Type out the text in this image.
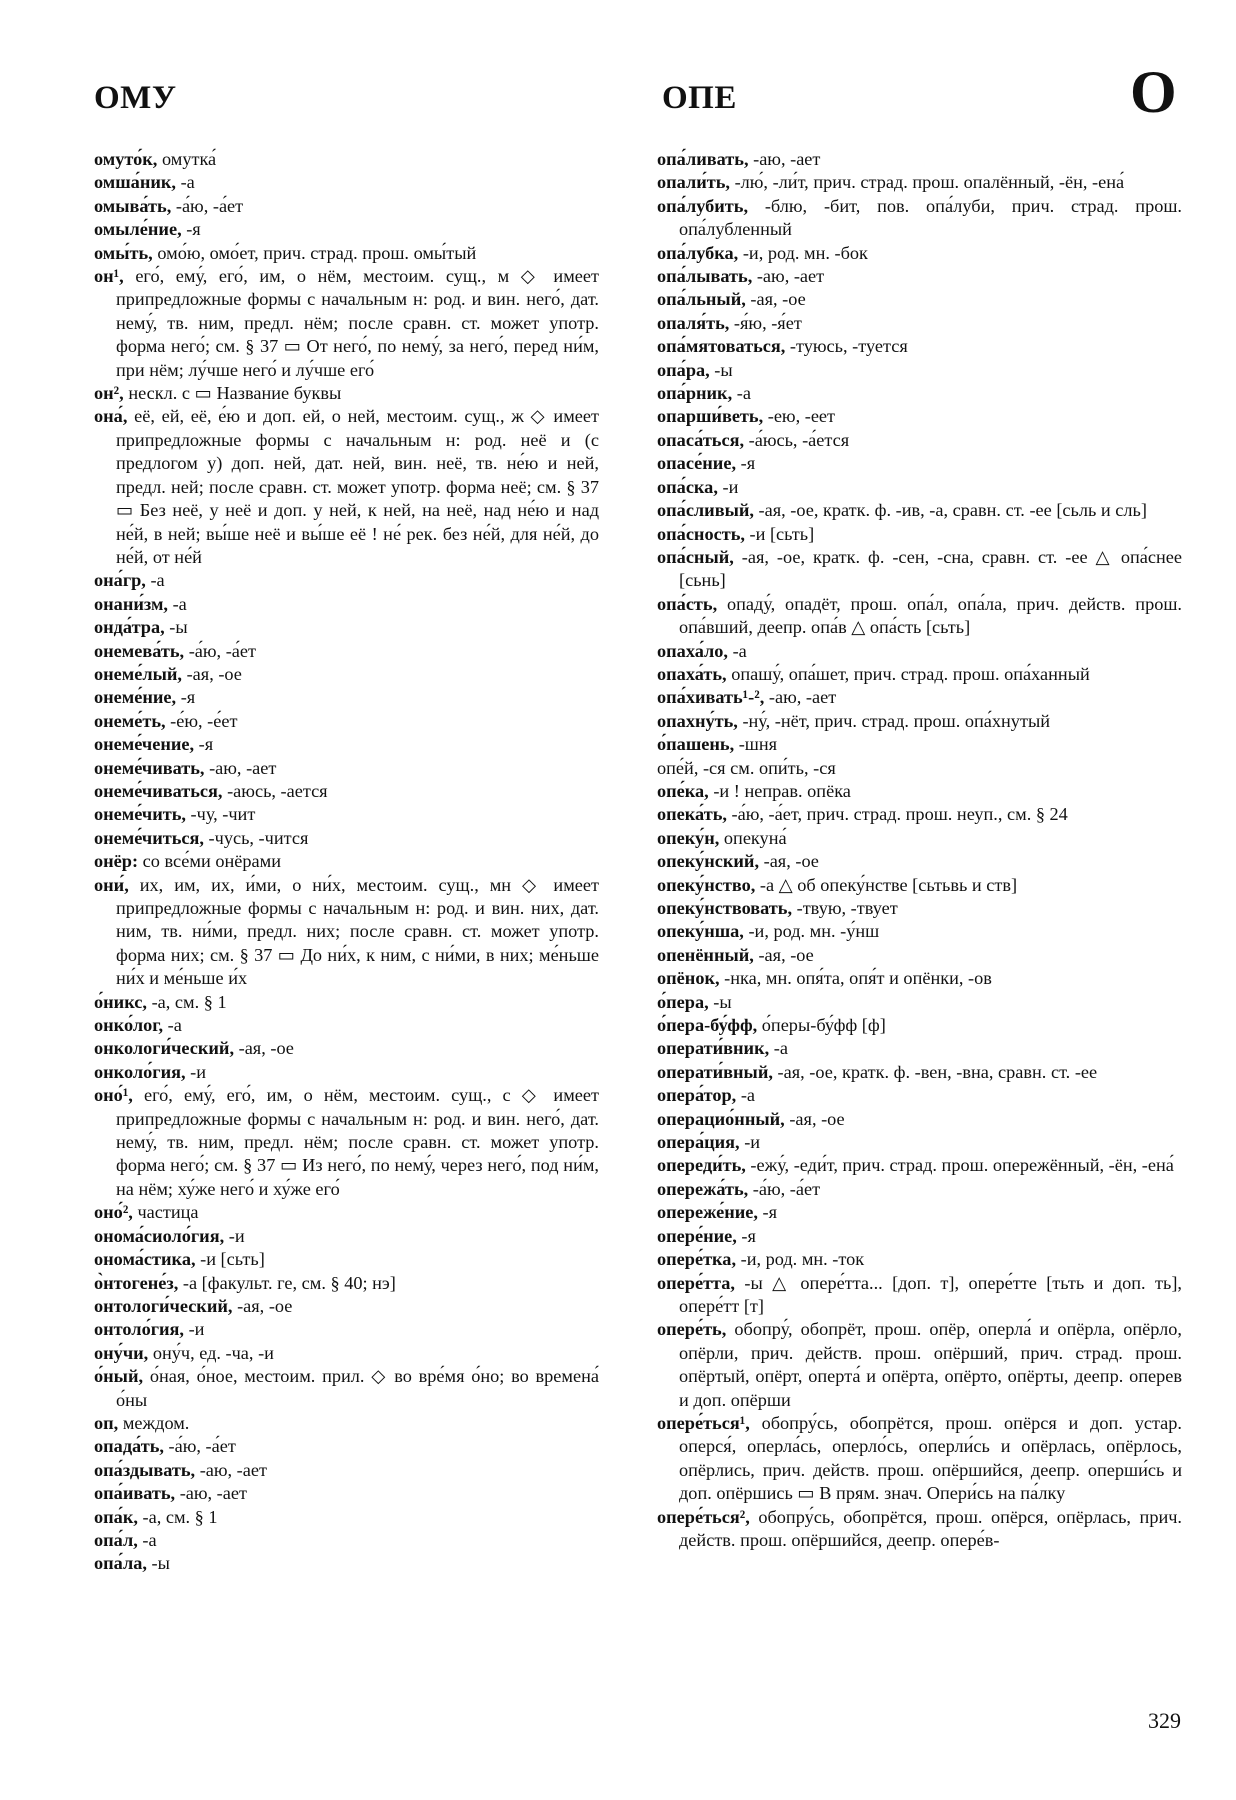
ОМУ	ОПЕ	О

омуто́к, омутка́

омша́ник, -а

омыва́ть, -а́ю, -а́ет

омыле́ние, -я

омы́ть, омо́ю, омо́ет, прич. страд. прош. омы́тый

он¹, его́, ему́, его́, им, о нём, местоим. сущ., м ◇ имеет припредложные формы с начальным н: род. и вин. него́, дат. нему́, тв. ним, предл. нём; после сравн. ст. может употр. форма него́; см. § 37 ▭ От него́, по нему́, за него́, перед ни́м, при нём; лу́чше него́ и лу́чше его́

он², нескл. с ▭ Название буквы

она́, её, ей, её, е́ю и доп. ей, о ней, местоим. сущ., ж ◇ имеет припредложные формы с начальным н: род. неё и (с предлогом у) доп. ней, дат. ней, вин. неё, тв. не́ю и ней, предл. ней; после сравн. ст. может употр. форма неё; см. § 37 ▭ Без неё, у неё и доп. у ней, к ней, на неё, над не́ю и над не́й, в ней; вы́ше неё и вы́ше её ! не́ рек. без не́й, для не́й, до не́й, от не́й

она́гр, -а

онани́зм, -а

онда́тра, -ы

онемева́ть, -а́ю, -а́ет

онеме́лый, -ая, -ое

онеме́ние, -я

онеме́ть, -е́ю, -е́ет

онеме́чение, -я

онеме́чивать, -аю, -ает

онеме́чиваться, -аюсь, -ается

онеме́чить, -чу, -чит

онеме́читься, -чусь, -чится

онёр: со все́ми онёрами

они́, их, им, их, и́ми, о ни́х, местоим. сущ., мн ◇ имеет припредложные формы с начальным н: род. и вин. них, дат. ним, тв. ни́ми, предл. них; после сравн. ст. может употр. форма них; см. § 37 ▭ До ни́х, к ним, с ни́ми, в них; ме́ньше ни́х и ме́ньше и́х

о́никс, -а, см. § 1

онко́лог, -а

онкологи́ческий, -ая, -ое

онколо́гия, -и

оно́¹, его́, ему́, его́, им, о нём, местоим. сущ., с ◇ имеет припредложные формы с начальным н: род. и вин. него́, дат. нему́, тв. ним, предл. нём; после сравн. ст. может употр. форма него́; см. § 37 ▭ Из него́, по нему́, через него́, под ни́м, на нём; ху́же него́ и ху́же его́

оно́², частица

онома́сиоло́гия, -и

онома́стика, -и [сьть]

о̀нтогене́з, -а [факульт. ге, см. § 40; нэ]

онтологи́ческий, -ая, -ое

онтоло́гия, -и

ону́чи, ону́ч, ед. -ча, -и

о́ный, о́ная, о́ное, местоим. прил. ◇ во вре́мя о́но; во времена́ о́ны

оп, междом.

опада́ть, -а́ю, -а́ет

опа́здывать, -аю, -ает

опа́ивать, -аю, -ает

опа́к, -а, см. § 1

опа́л, -а

опа́ла, -ы

опа́ливать, -аю, -ает

опали́ть, -лю́, -ли́т, прич. страд. прош. опалённый, -ён, -ена́

опа́лубить, -блю, -бит, пов. опа́луби, прич. страд. прош. опа́лубленный

опа́лубка, -и, род. мн. -бок

опа́лывать, -аю, -ает

опа́льный, -ая, -ое

опаля́ть, -я́ю, -я́ет

опа́мятоваться, -туюсь, -туется

опа́ра, -ы

опа́рник, -а

опарши́веть, -ею, -еет

опаса́ться, -а́юсь, -а́ется

опасе́ние, -я

опа́ска, -и

опа́сливый, -ая, -ое, кратк. ф. -ив, -а, сравн. ст. -ее [сьль и сль]

опа́сность, -и [сьть]

опа́сный, -ая, -ое, кратк. ф. -сен, -сна, сравн. ст. -ее △ опа́снее [сьнь]

опа́сть, опаду́, опадёт, прош. опа́л, опа́ла, прич. действ. прош. опа́вший, деепр. опа́в △ опа́сть [сьть]

опаха́ло, -а

опаха́ть, опашу́, опа́шет, прич. страд. прош. опа́ханный

опа́хивать¹‑², -аю, -ает

опахну́ть, -ну́, -нёт, прич. страд. прош. опа́хнутый

о́пашень, -шня

опе́й, -ся см. опи́ть, -ся

опе́ка, -и ! неправ. опёка

опека́ть, -а́ю, -а́ет, прич. страд. прош. неуп., см. § 24

опеку́н, опекуна́

опеку́нский, -ая, -ое

опеку́нство, -а △ об опеку́нстве [сьтьвь и ств]

опеку́нствовать, -твую, -твует

опеку́нша, -и, род. мн. -у́нш

опенённый, -ая, -ое

опёнок, -нка, мн. опя́та, опя́т и опёнки, -ов

о́пера, -ы

о́пера-бу́фф, о́перы-бу́фф [ф]

операти́вник, -а

операти́вный, -ая, -ое, кратк. ф. -вен, -вна, сравн. ст. -ее

опера́тор, -а

операцио́нный, -ая, -ое

опера́ция, -и

опереди́ть, -ежу́, -еди́т, прич. страд. прош. опережённый, -ён, -ена́

опережа́ть, -а́ю, -а́ет

опереже́ние, -я

опере́ние, -я

опере́тка, -и, род. мн. -ток

опере́тта, -ы △ опере́тта... [доп. т], опере́тте [тьть и доп. ть], опере́тт [т]

опере́ть, обопру́, обопрёт, прош. опёр, оперла́ и опёрла, опёрло, опёрли, прич. действ. прош. опёрший, прич. страд. прош. опёртый, опёрт, оперта́ и опёрта, опёрто, опёрты, деепр. оперев и доп. опёрши

опере́ться¹, обопру́сь, обопрётся, прош. опёрся и доп. устар. оперся́, оперла́сь, оперло́сь, оперли́сь и опёрлась, опёрлось, опёрлись, прич. действ. прош. опёршийся, деепр. оперши́сь и доп. опёршись ▭ В прям. знач. Опери́сь на па́лку

опере́ться², обопру́сь, обопрётся, прош. опёрся, опёрлась, прич. действ. прош. опёршийся, деепр. опере́в-

329
